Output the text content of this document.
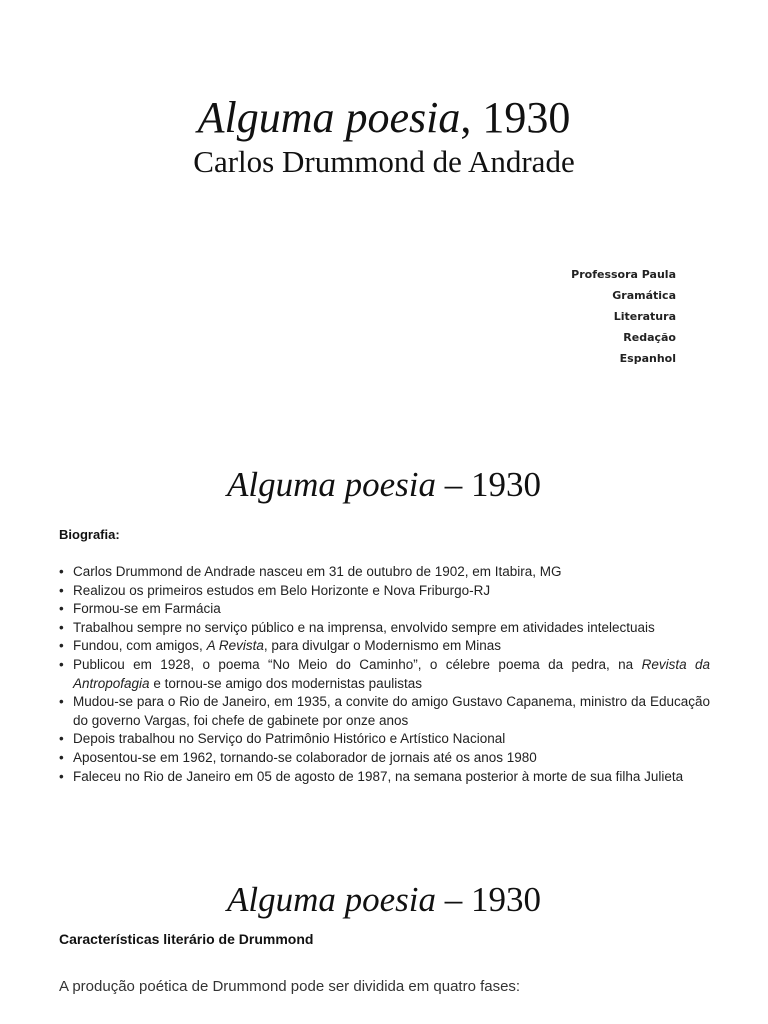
Alguma poesia, 1930
Carlos Drummond de Andrade
Professora Paula
Gramática
Literatura
Redação
Espanhol
Alguma poesia – 1930
Biografia:
• Carlos Drummond de Andrade nasceu em 31 de outubro de 1902, em Itabira, MG
• Realizou os primeiros estudos em Belo Horizonte e Nova Friburgo-RJ
• Formou-se em Farmácia
• Trabalhou sempre no serviço público e na imprensa, envolvido sempre em atividades intelectuais
• Fundou, com amigos, A Revista, para divulgar o Modernismo em Minas
• Publicou em 1928, o poema “No Meio do Caminho”, o célebre poema da pedra, na Revista da Antropofagia e tornou-se amigo dos modernistas paulistas
• Mudou-se para o Rio de Janeiro, em 1935, a convite do amigo Gustavo Capanema, ministro da Educação do governo Vargas, foi chefe de gabinete por onze anos
• Depois trabalhou no Serviço do Patrimônio Histórico e Artístico Nacional
• Aposentou-se em 1962, tornando-se colaborador de jornais até os anos 1980
• Faleceu no Rio de Janeiro em 05 de agosto de 1987, na semana posterior à morte de sua filha Julieta
Alguma poesia – 1930
Características literário de Drummond
A produção poética de Drummond pode ser dividida em quatro fases:
